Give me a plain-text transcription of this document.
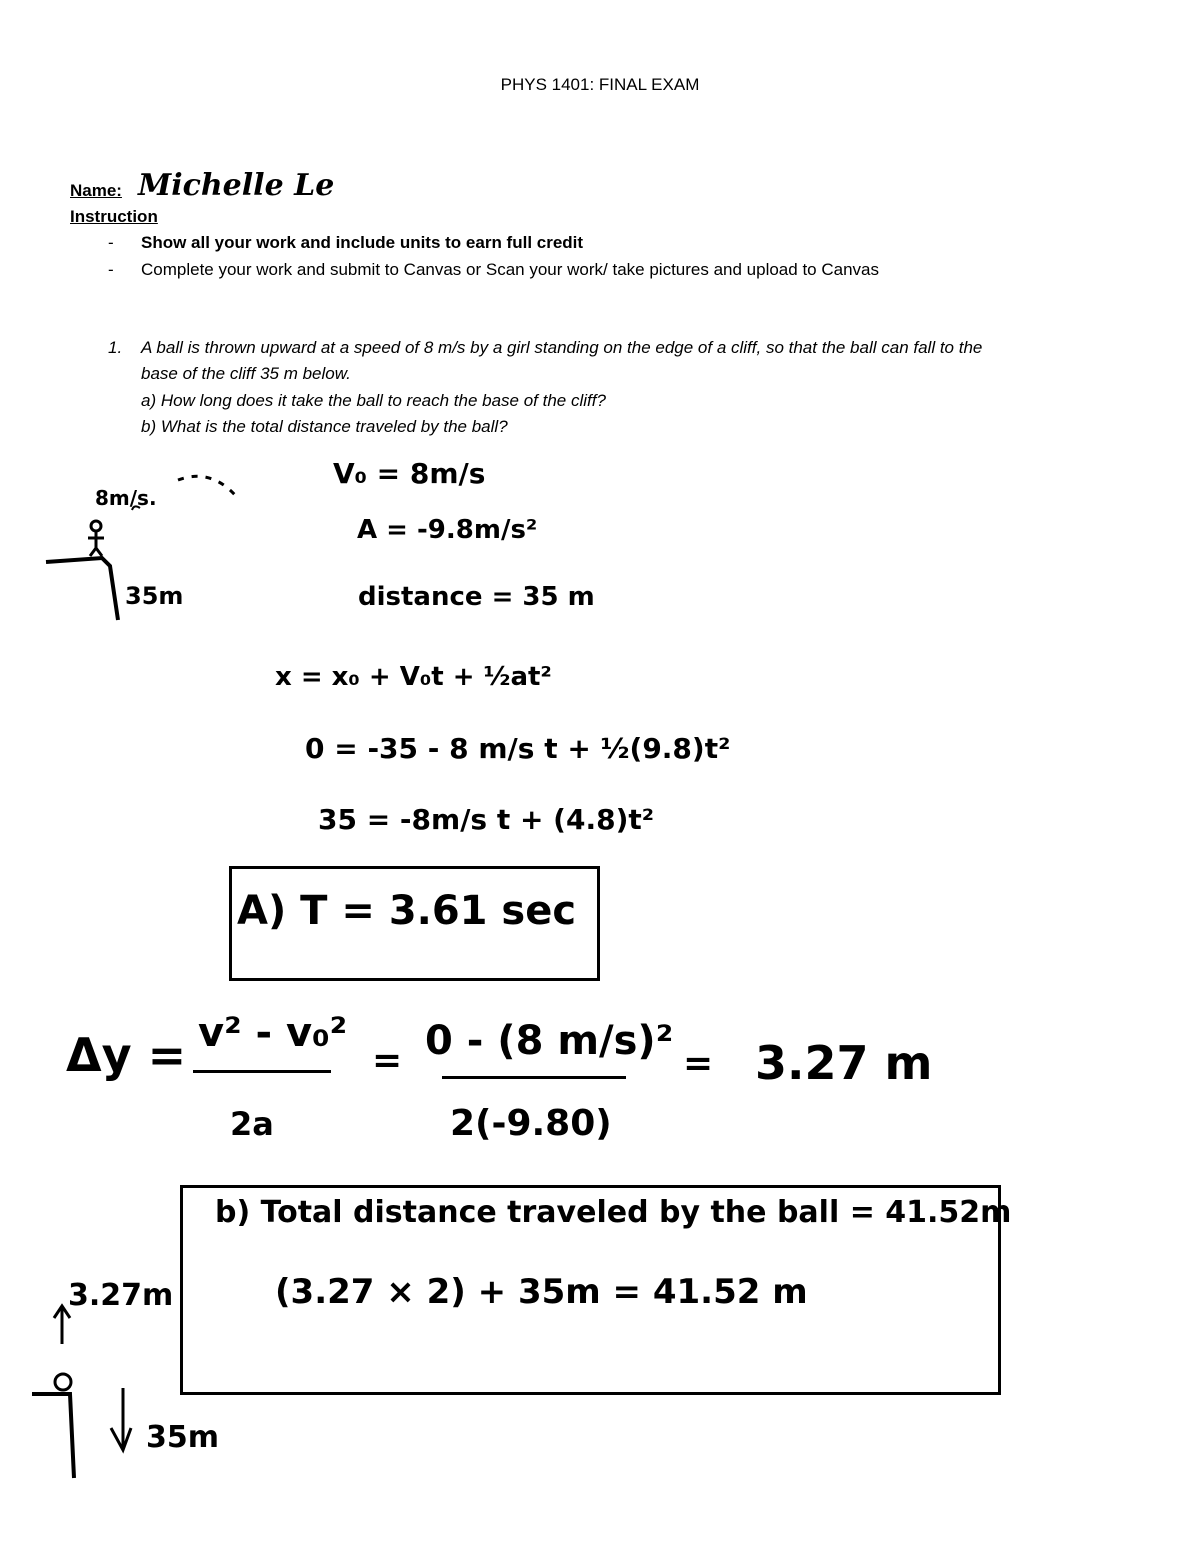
PHYS 1401: FINAL EXAM
Name: Michelle Le
Instruction
- Show all your work and include units to earn full credit
- Complete your work and submit to Canvas or Scan your work/ take pictures and upload to Canvas
1. A ball is thrown upward at a speed of 8 m/s by a girl standing on the edge of a cliff, so that the ball can fall to the
base of the cliff 35 m below.
a) How long does it take the ball to reach the base of the cliff?
b) What is the total distance traveled by the ball?
8m/s.
35m
V₀ = 8m/s
A = -9.8m/s²
distance = 35 m
x = x₀ + V₀t + ½at²
0 = -35 - 8 m/s t + ½(9.8)t²
35 = -8m/s t + (4.8)t²
A) T = 3.61 sec
Δy = v² - v₀²
2a
= 0 - (8 m/s)²
2(-9.80)
= 3.27 m
b) Total distance traveled by the ball = 41.52m
(3.27 × 2) + 35m = 41.52 m
3.27m
35m
